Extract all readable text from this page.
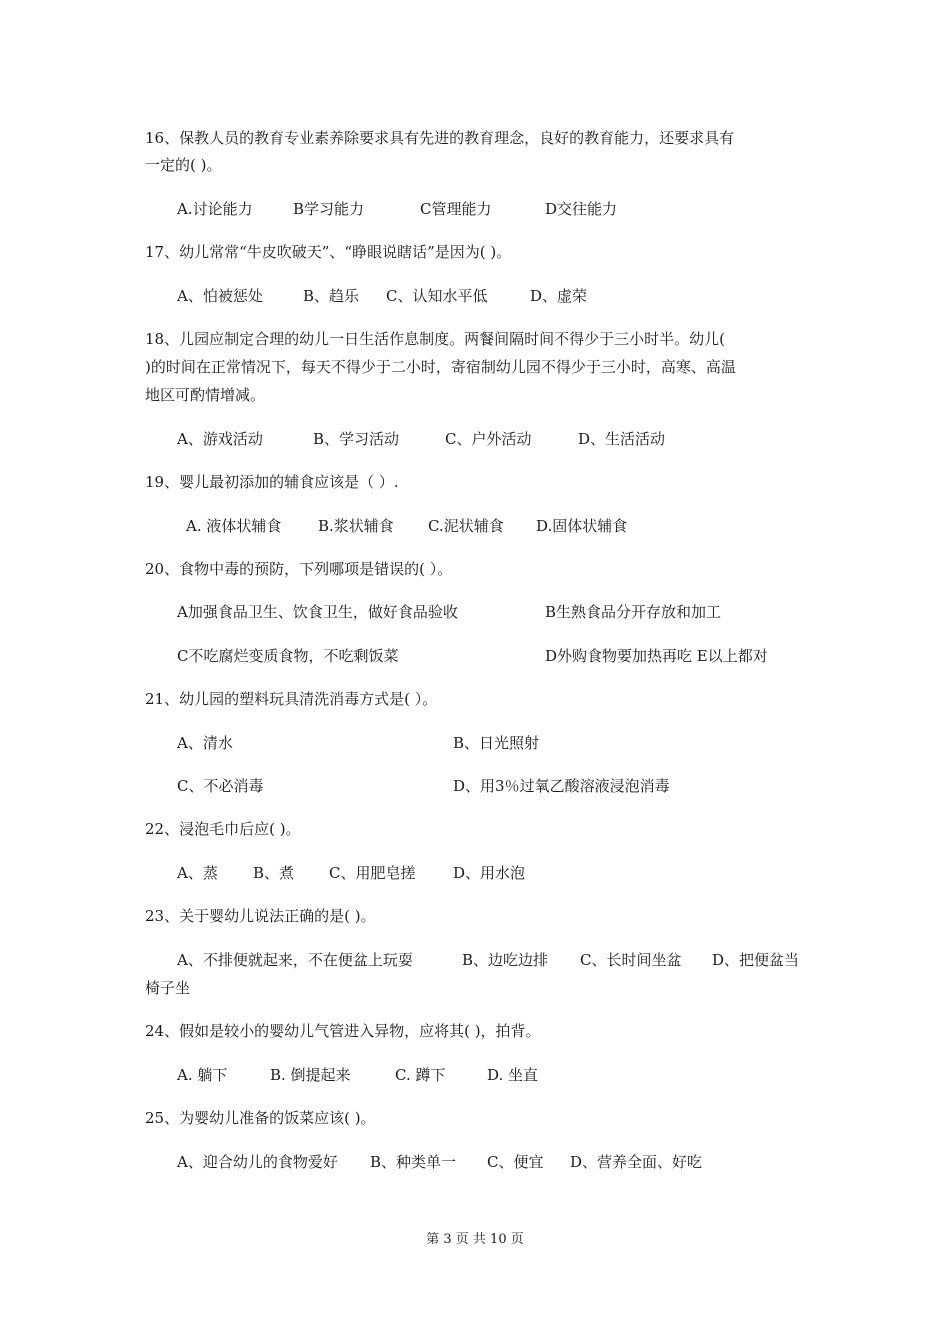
16、保教人员的教育专业素养除要求具有先进的教育理念，良好的教育能力，还要求具有
一定的( )。
A.讨论能力	B学习能力	C管理能力	D交往能力
17、幼儿常常“牛皮吹破天”、“睁眼说瞎话”是因为( )。
A、怕被惩处	B、趋乐 C、认知水平低	D、虚荣
18、儿园应制定合理的幼儿一日生活作息制度。两餐间隔时间不得少于三小时半。幼儿(
)的时间在正常情况下，每天不得少于二小时，寄宿制幼儿园不得少于三小时，高寒、高温
地区可酌情增减。
A、游戏活动	B、学习活动	C、户外活动	D、生活活动
19、婴儿最初添加的辅食应该是（ ）.
A. 液体状辅食 B.浆状辅食 C.泥状辅食 D.固体状辅食
20、食物中毒的预防，下列哪项是错误的( ）。
A加强食品卫生、饮食卫生，做好食品验收	B生熟食品分开存放和加工
C不吃腐烂变质食物，不吃剩饭菜	D外购食物要加热再吃 E以上都对
21、幼儿园的塑料玩具清洗消毒方式是( ）。
A、清水	B、日光照射
C、不必消毒	D、用3％过氧乙酸溶液浸泡消毒
22、浸泡毛巾后应( )。
A、蒸 B、煮 C、用肥皂搓	D、用水泡
23、关于婴幼儿说法正确的是( )。
A、不排便就起来，不在便盆上玩耍	B、边吃边排 C、长时间坐盆 D、把便盆当
椅子坐
24、假如是较小的婴幼儿气管进入异物，应将其( )，拍背。
A. 躺下	B. 倒提起来	C. 蹲下	D. 坐直
25、为婴幼儿准备的饭菜应该( )。
A、迎合幼儿的食物爱好 B、种类单一 C、便宜 D、营养全面、好吃
第 3 页 共 10 页
